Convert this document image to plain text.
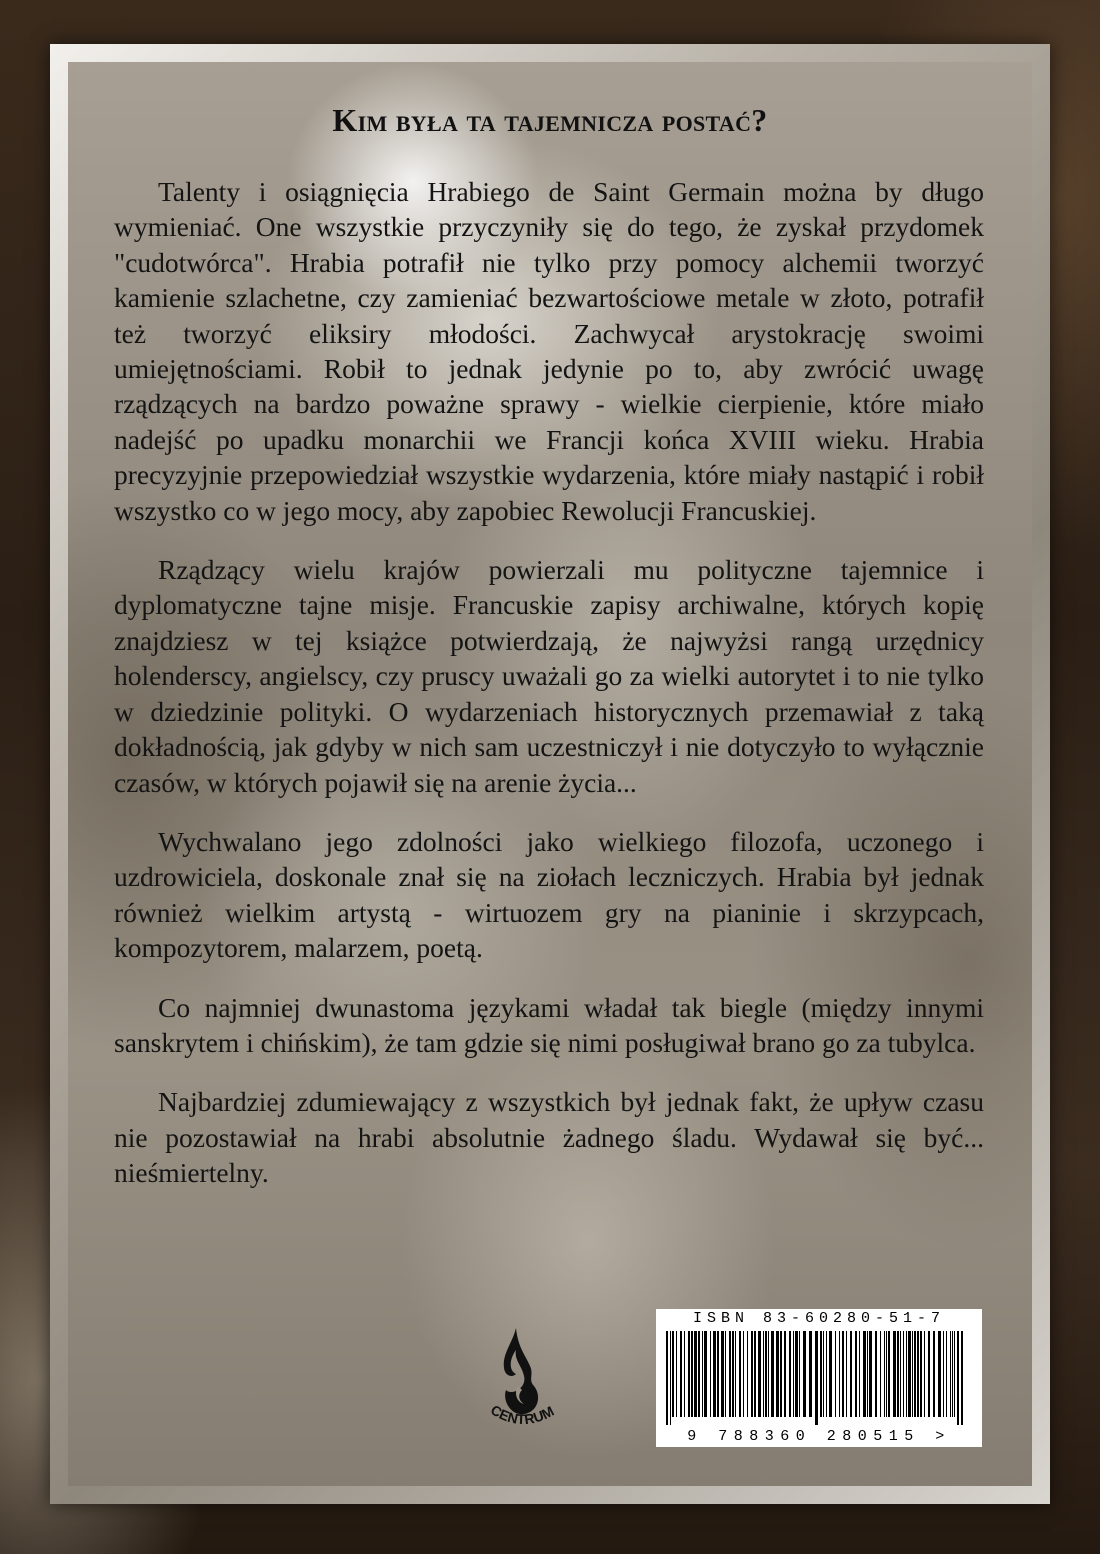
Kim była ta tajemnicza postać?

Talenty i osiągnięcia Hrabiego de Saint Germain można by długo wymieniać. One wszystkie przyczyniły się do tego, że zyskał przydomek "cudotwórca". Hrabia potrafił nie tylko przy pomocy alchemii tworzyć kamienie szlachetne, czy zamieniać bezwartościowe metale w złoto, potrafił też tworzyć eliksiry młodości. Zachwycał arystokrację swoimi umiejętnościami. Robił to jednak jedynie po to, aby zwrócić uwagę rządzących na bardzo poważne sprawy - wielkie cierpienie, które miało nadejść po upadku monarchii we Francji końca XVIII wieku. Hrabia precyzyjnie przepowiedział wszystkie wydarzenia, które miały nastąpić i robił wszystko co w jego mocy, aby zapobiec Rewolucji Francuskiej.

Rządzący wielu krajów powierzali mu polityczne tajemnice i dyplomatyczne tajne misje. Francuskie zapisy archiwalne, których kopię znajdziesz w tej książce potwierdzają, że najwyżsi rangą urzędnicy holenderscy, angielscy, czy pruscy uważali go za wielki autorytet i to nie tylko w dziedzinie polityki. O wydarzeniach historycznych przemawiał z taką dokładnością, jak gdyby w nich sam uczestniczył i nie dotyczyło to wyłącznie czasów, w których pojawił się na arenie życia...

Wychwalano jego zdolności jako wielkiego filozofa, uczonego i uzdrowiciela, doskonale znał się na ziołach leczniczych. Hrabia był jednak również wielkim artystą - wirtuozem gry na pianinie i skrzypcach, kompozytorem, malarzem, poetą.

Co najmniej dwunastoma językami władał tak biegle (między innymi sanskrytem i chińskim), że tam gdzie się nimi posługiwał brano go za tubylca.

Najbardziej zdumiewający z wszystkich był jednak fakt, że upływ czasu nie pozostawiał na hrabi absolutnie żadnego śladu. Wydawał się być... nieśmiertelny.

CENTRUM
ISBN 83-60280-51-7
9 788360 280515 >
